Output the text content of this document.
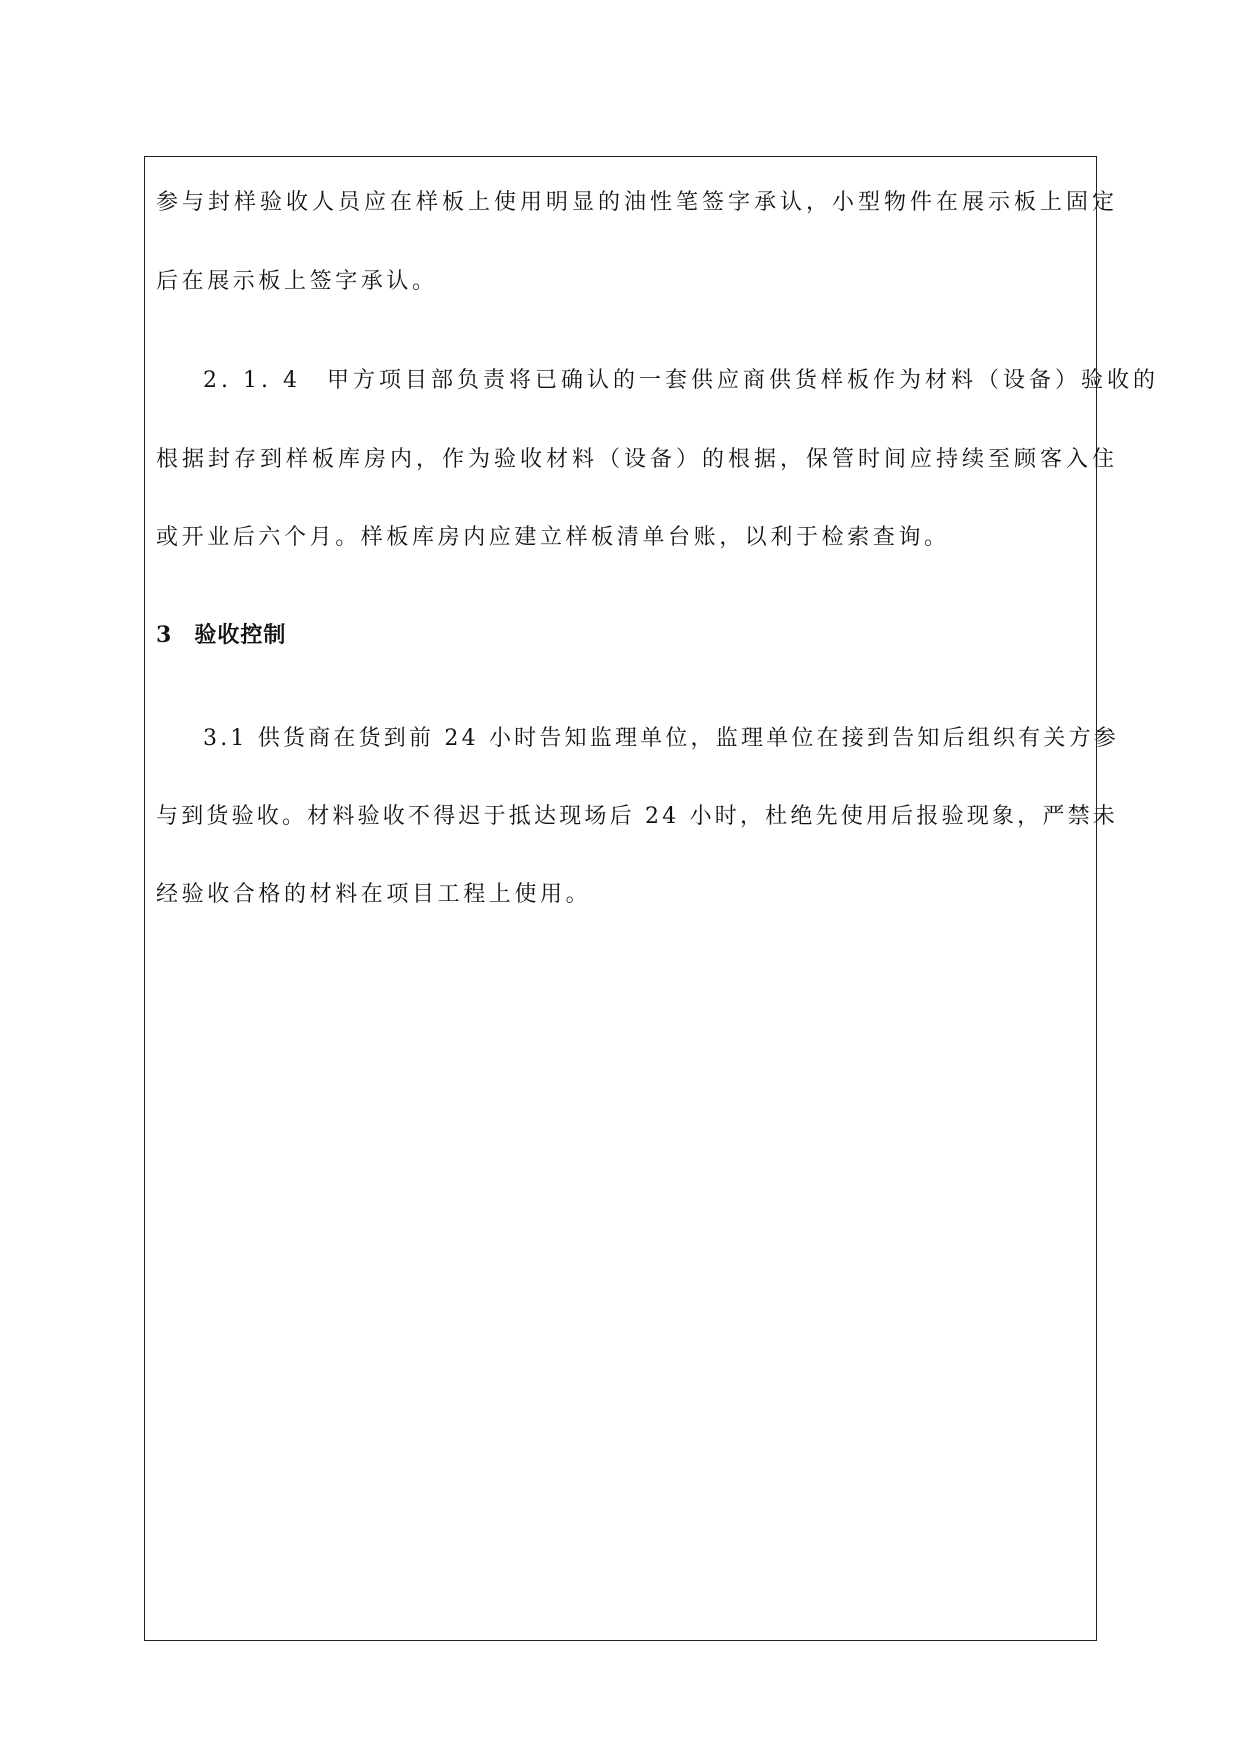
参与封样验收人员应在样板上使用明显的油性笔签字承认，小型物件在展示板上固定
后在展示板上签字承认。
2. 1. 4　甲方项目部负责将已确认的一套供应商供货样板作为材料（设备）验收的
根据封存到样板库房内，作为验收材料（设备）的根据，保管时间应持续至顾客入住
或开业后六个月。样板库房内应建立样板清单台账，以利于检索查询。
3 验收控制
3.1 供货商在货到前 24 小时告知监理单位，监理单位在接到告知后组织有关方参
与到货验收。材料验收不得迟于抵达现场后 24 小时，杜绝先使用后报验现象，严禁未
经验收合格的材料在项目工程上使用。
